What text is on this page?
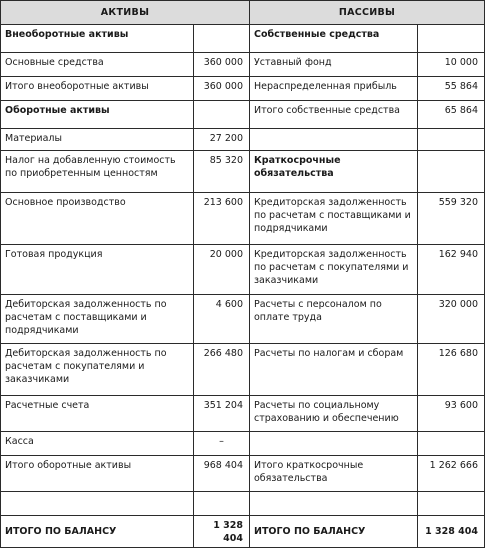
АКТИВЫ		ПАССИВЫ	
Внеоборотные активы		Собственные средства	
Основные средства	360 000	Уставный фонд	10 000
Итого внеоборотные активы	360 000	Нераспределенная прибыль	55 864
Оборотные активы		Итого собственные средства	65 864
Материалы	27 200		
Налог на добавленную стоимость по приобретенным ценностям	85 320	Краткосрочные обязательства	
Основное производство	213 600	Кредиторская задолженность по расчетам с поставщиками и подрядчиками	559 320
Готовая продукция	20 000	Кредиторская задолженность по расчетам с покупателями и заказчиками	162 940
Дебиторская задолженность по расчетам с поставщиками и подрядчиками	4 600	Расчеты с персоналом по оплате труда	320 000
Дебиторская задолженность по расчетам с покупателями и заказчиками	266 480	Расчеты по налогам и сборам	126 680
Расчетные счета	351 204	Расчеты по социальному страхованию и обеспечению	93 600
Касса	–		
Итого оборотные активы	968 404	Итого краткосрочные обязательства	1 262 666

ИТОГО ПО БАЛАНСУ	1 328 404	ИТОГО ПО БАЛАНСУ	1 328 404
